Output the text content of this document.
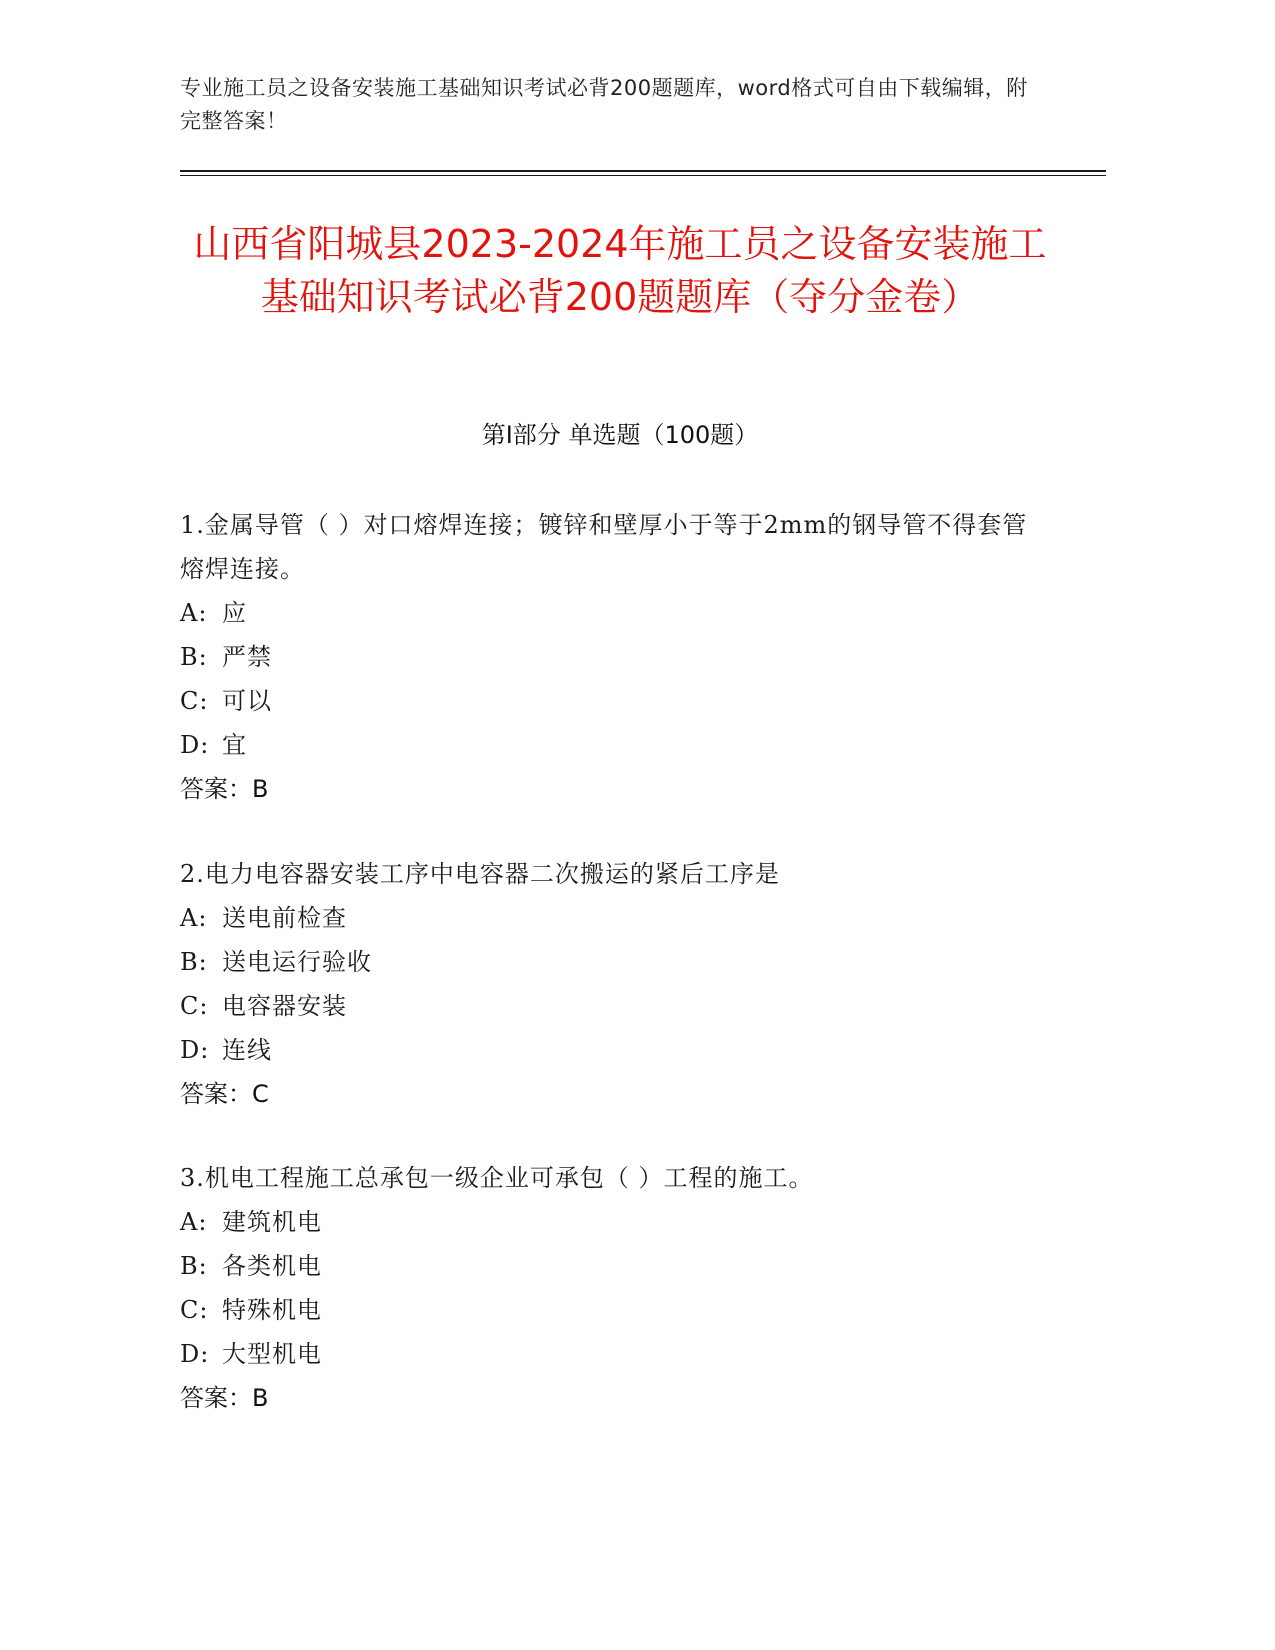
专业施工员之设备安装施工基础知识考试必背200题题库，word格式可自由下载编辑，附完整答案！
山西省阳城县2023-2024年施工员之设备安装施工基础知识考试必背200题题库（夺分金卷）
第Ⅰ部分 单选题（100题）
1.金属导管（ ）对口熔焊连接；镀锌和壁厚小于等于2mm的钢导管不得套管熔焊连接。
A: 应
B: 严禁
C: 可以
D: 宜
答案：B
2.电力电容器安装工序中电容器二次搬运的紧后工序是
A: 送电前检查
B: 送电运行验收
C: 电容器安装
D: 连线
答案：C
3.机电工程施工总承包一级企业可承包（ ）工程的施工。
A: 建筑机电
B: 各类机电
C: 特殊机电
D: 大型机电
答案：B
